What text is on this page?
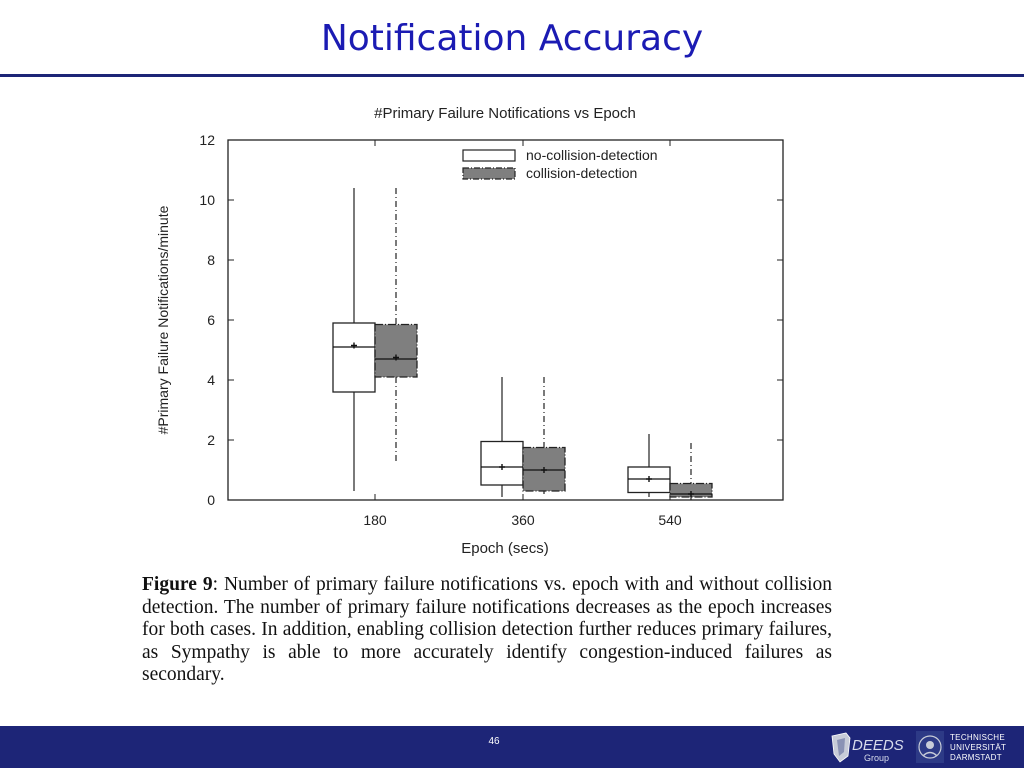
Notification Accuracy
#Primary Failure Notifications vs Epoch
0
2
4
6
8
10
12
180	360	540
no-collision-detection
collision-detection
Epoch (secs)
#Primary Failure Notifications/minute
Figure 9: Number of primary failure notifications vs. epoch with and without collision detection. The number of primary failure notifications decreases as the epoch increases for both cases. In addition, enabling collision detection further reduces primary failures, as Sympathy is able to more accurately identify congestion-induced failures as secondary.
46	DEEDS
Group
TECHNISCHE
UNIVERSITÄT
DARMSTADT
